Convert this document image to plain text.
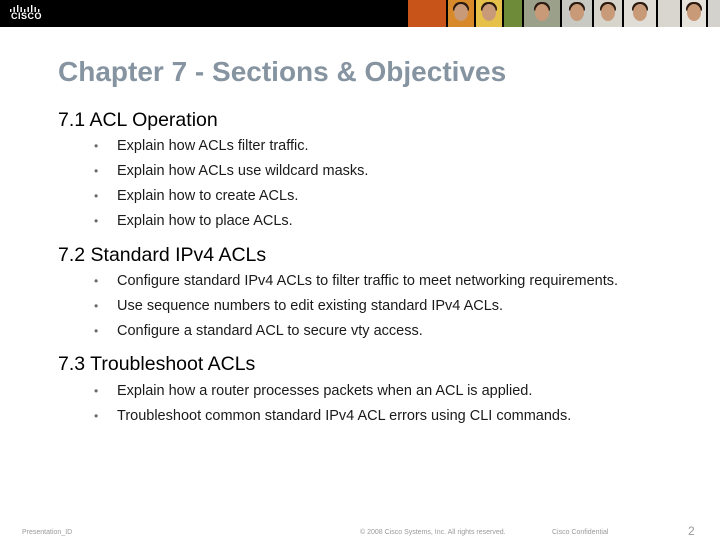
CISCO
Chapter 7 - Sections & Objectives
7.1 ACL Operation
• Explain how ACLs filter traffic.
• Explain how ACLs use wildcard masks.
• Explain how to create ACLs.
• Explain how to place ACLs.
7.2 Standard IPv4 ACLs
• Configure standard IPv4 ACLs to filter traffic to meet networking requirements.
• Use sequence numbers to edit existing standard IPv4 ACLs.
• Configure a standard ACL to secure vty access.
7.3 Troubleshoot ACLs
• Explain how a router processes packets when an ACL is applied.
• Troubleshoot common standard IPv4 ACL errors using CLI commands.
Presentation_ID	© 2008 Cisco Systems, Inc. All rights reserved.	Cisco Confidential	2
